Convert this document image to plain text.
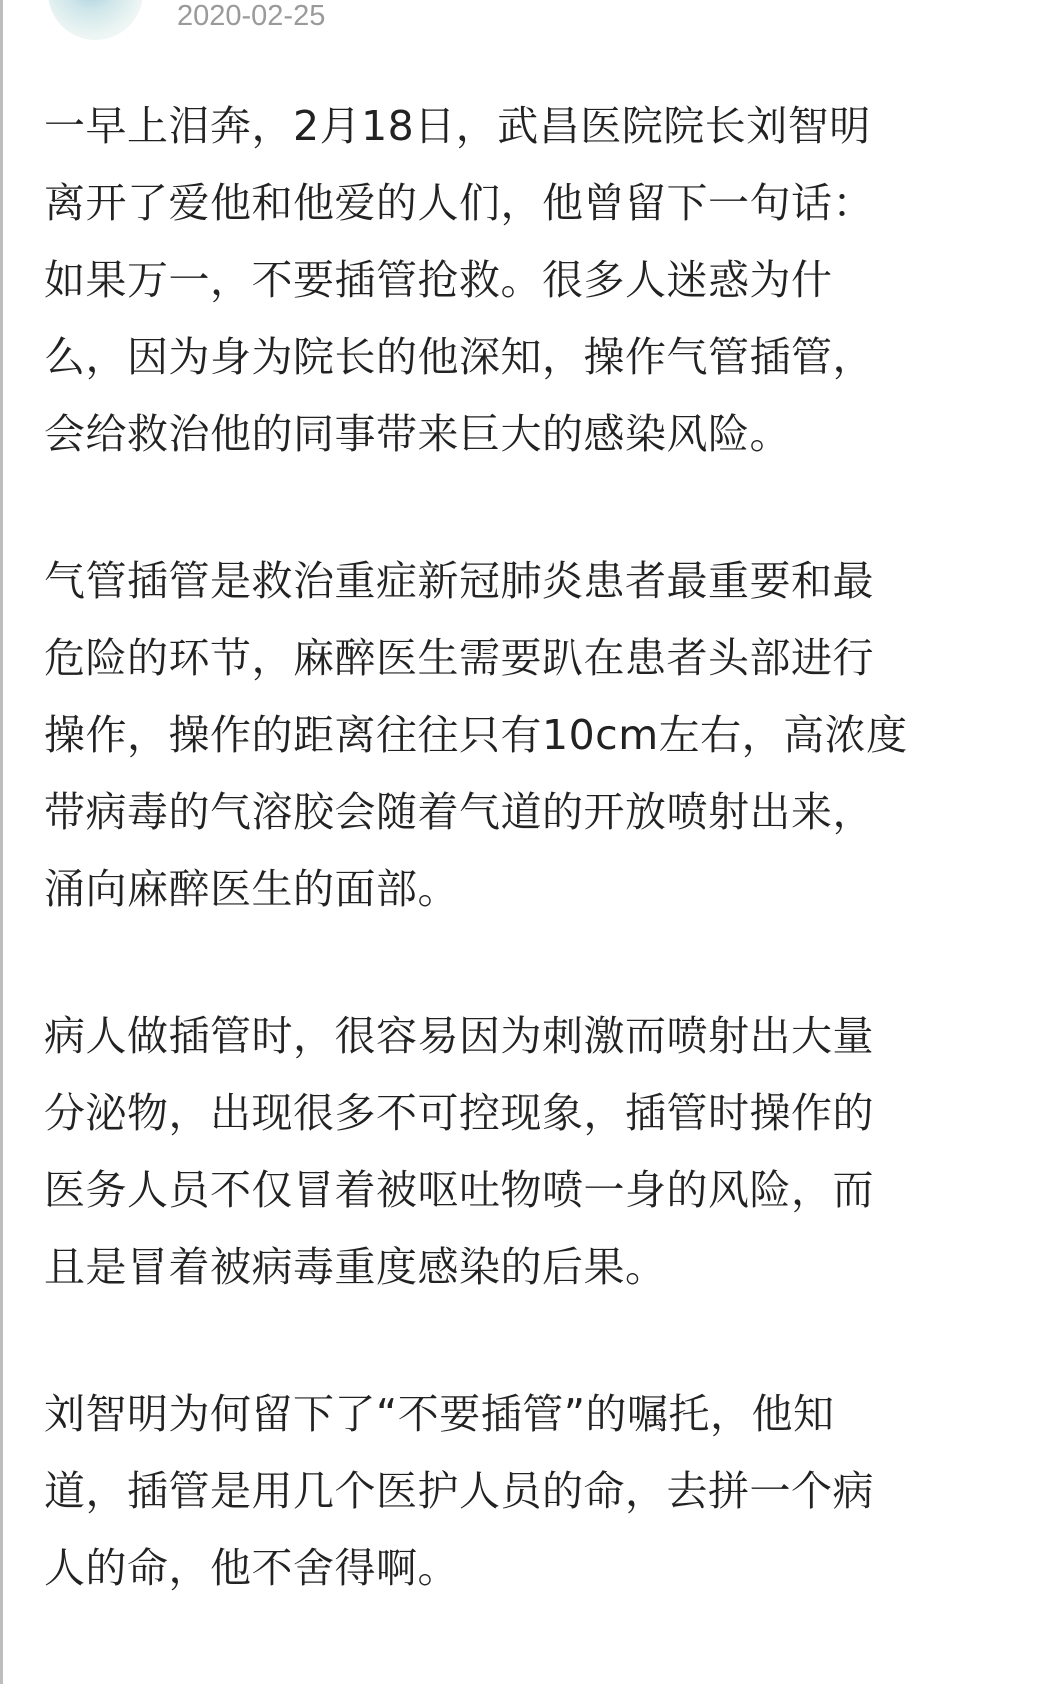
2020-02-25
一早上泪奔，2月18日，武昌医院院长刘智明
离开了爱他和他爱的人们，他曾留下一句话：
如果万一，不要插管抢救。很多人迷惑为什
么，因为身为院长的他深知，操作气管插管，
会给救治他的同事带来巨大的感染风险。
气管插管是救治重症新冠肺炎患者最重要和最
危险的环节，麻醉医生需要趴在患者头部进行
操作，操作的距离往往只有10cm左右，高浓度
带病毒的气溶胶会随着气道的开放喷射出来，
涌向麻醉医生的面部。
病人做插管时，很容易因为刺激而喷射出大量
分泌物，出现很多不可控现象，插管时操作的
医务人员不仅冒着被呕吐物喷一身的风险，而
且是冒着被病毒重度感染的后果。
刘智明为何留下了“不要插管”的嘱托，他知
道，插管是用几个医护人员的命，去拼一个病
人的命，他不舍得啊。
